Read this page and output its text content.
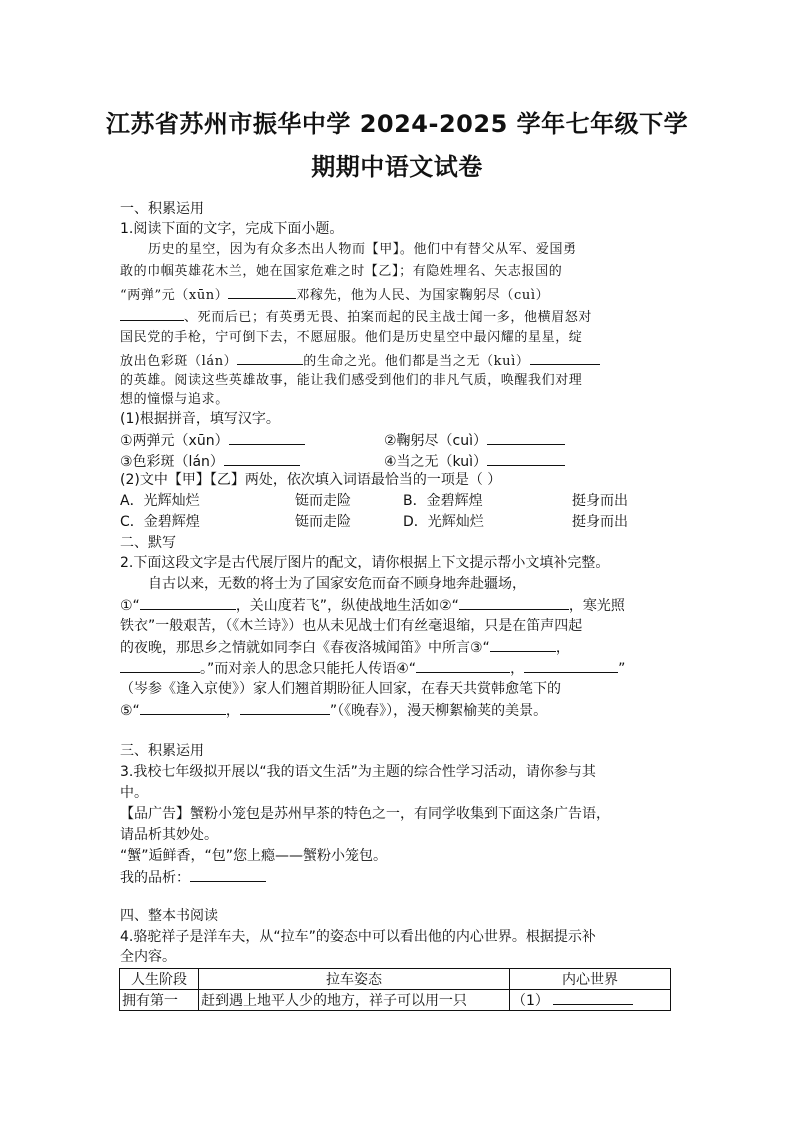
江苏省苏州市振华中学 2024-2025 学年七年级下学
期期中语文试卷
一、积累运用
1.阅读下面的文字，完成下面小题。
历史的星空，因为有众多杰出人物而【甲】。他们中有替父从军、爱国勇
敢的巾帼英雄花木兰，她在国家危难之时【乙】；有隐姓埋名、矢志报国的
“两弹”元（xūn）	邓稼先，他为人民、为国家鞠躬尽（cuì）
、死而后已；有英勇无畏、拍案而起的民主战士闻一多，他横眉怒对
国民党的手枪，宁可倒下去，不愿屈服。他们是历史星空中最闪耀的星星，绽
放出色彩斑（lán）	的生命之光。他们都是当之无（kuì）
的英雄。阅读这些英雄故事，能让我们感受到他们的非凡气质，唤醒我们对理
想的憧憬与追求。
(1)根据拼音，填写汉字。
①两弹元（xūn）	②鞠躬尽（cuì）
③色彩斑（lán）	④当之无（kuì）
(2)文中【甲】【乙】两处，依次填入词语最恰当的一项是（ ）
A．光辉灿烂	铤而走险	B．金碧辉煌	挺身而出
C．金碧辉煌	铤而走险	D．光辉灿烂	挺身而出
二、默写
2.下面这段文字是古代展厅图片的配文，请你根据上下文提示帮小文填补完整。
自古以来，无数的将士为了国家安危而奋不顾身地奔赴疆场，
①“	，关山度若飞”，纵使战地生活如②“	，寒光照
铁衣”一般艰苦，（《木兰诗》）也从未见战士们有丝毫退缩，只是在笛声四起
的夜晚，那思乡之情就如同李白《春夜洛城闻笛》中所言③“	，
。”而对亲人的思念只能托人传语④“	，	”
（岑参《逢入京使》）家人们翘首期盼征人回家，在春天共赏韩愈笔下的
⑤“	，	”（《晚春》），漫天柳絮榆荚的美景。
三、积累运用
3.我校七年级拟开展以“我的语文生活”为主题的综合性学习活动，请你参与其
中。
【品广告】蟹粉小笼包是苏州早茶的特色之一，有同学收集到下面这条广告语，
请品析其妙处。
“蟹”逅鲜香，“包”您上瘾——蟹粉小笼包。
我的品析：
四、整本书阅读
4.骆驼祥子是洋车夫，从“拉车”的姿态中可以看出他的内心世界。根据提示补
全内容。
人生阶段	拉车姿态	内心世界
拥有第一	赶到遇上地平人少的地方，祥子可以用一只	（1）
